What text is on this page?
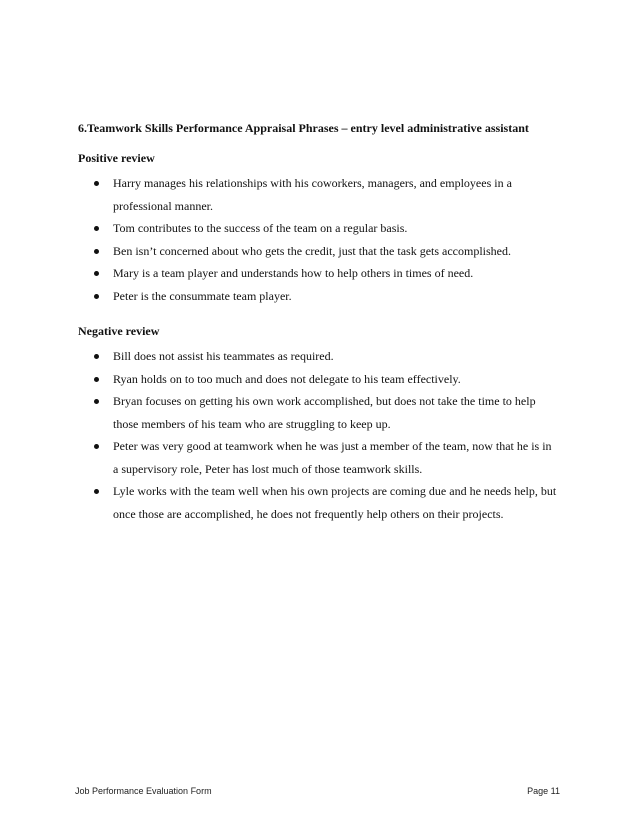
6.Teamwork Skills Performance Appraisal Phrases – entry level administrative assistant
Positive review
Harry manages his relationships with his coworkers, managers, and employees in a professional manner.
Tom contributes to the success of the team on a regular basis.
Ben isn’t concerned about who gets the credit, just that the task gets accomplished.
Mary is a team player and understands how to help others in times of need.
Peter is the consummate team player.
Negative review
Bill does not assist his teammates as required.
Ryan holds on to too much and does not delegate to his team effectively.
Bryan focuses on getting his own work accomplished, but does not take the time to help those members of his team who are struggling to keep up.
Peter was very good at teamwork when he was just a member of the team, now that he is in a supervisory role, Peter has lost much of those teamwork skills.
Lyle works with the team well when his own projects are coming due and he needs help, but once those are accomplished, he does not frequently help others on their projects.
Job Performance Evaluation Form	Page 11
